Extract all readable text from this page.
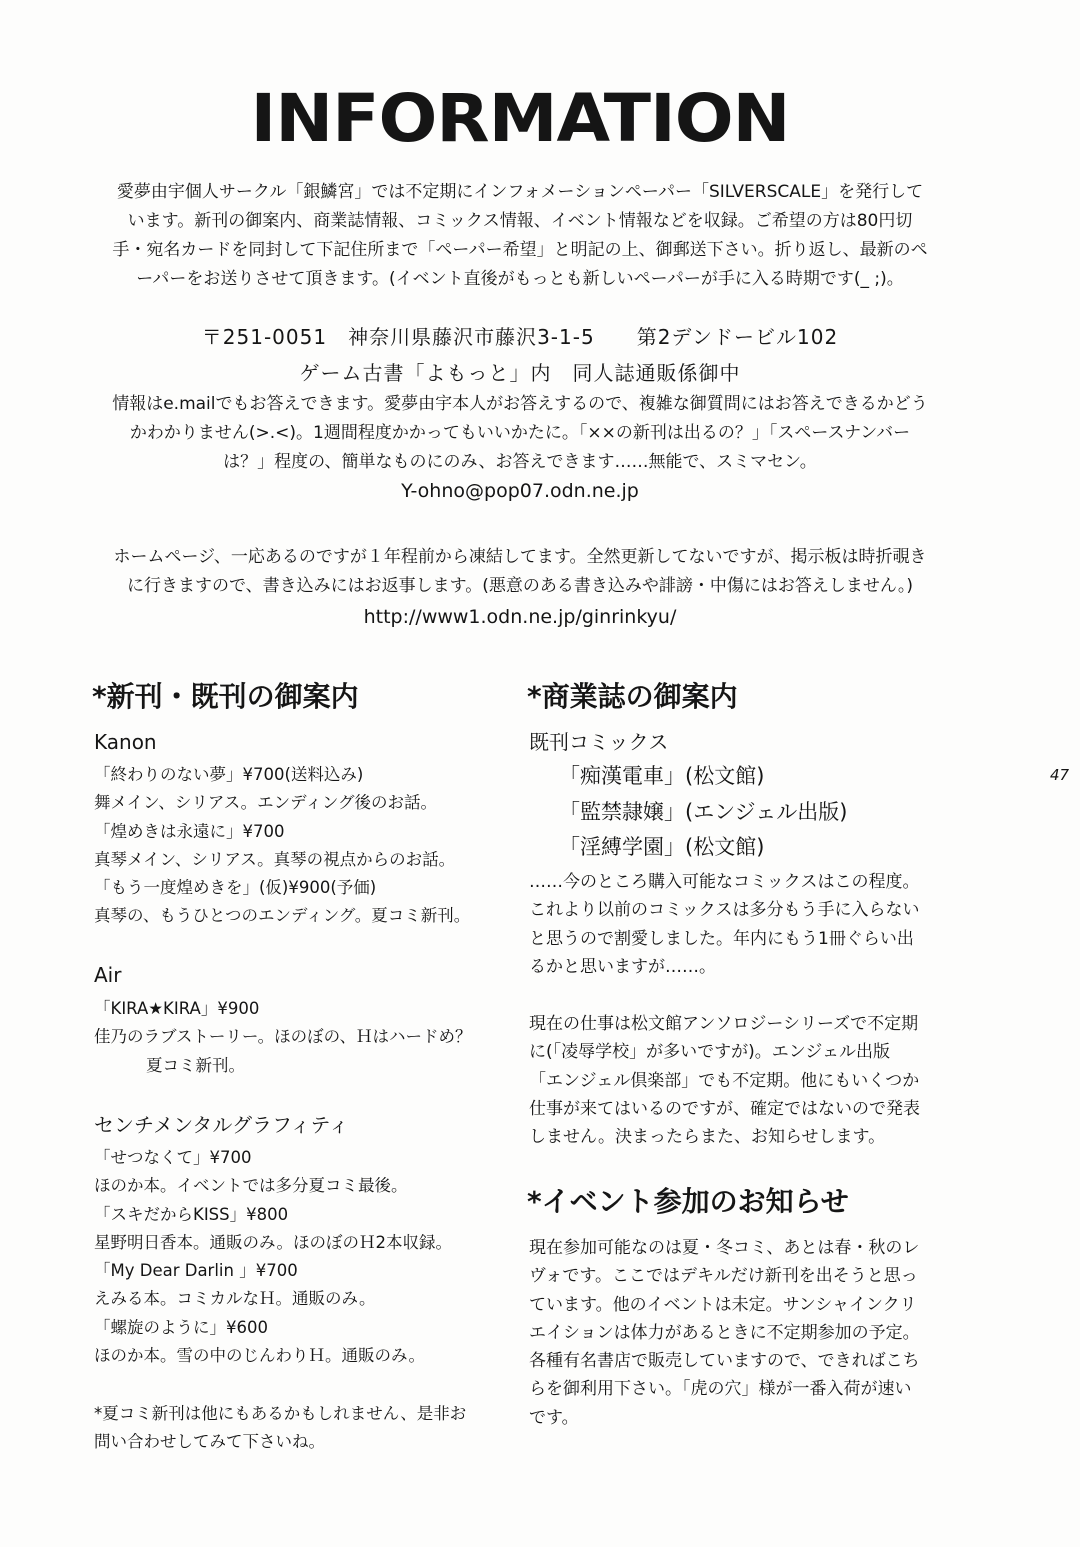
INFORMATION
愛夢由宇個人サークル「銀鱗宮」では不定期にインフォメーションペーパー「SILVERSCALE」を発行して
います。新刊の御案内、商業誌情報、コミックス情報、イベント情報などを収録。ご希望の方は80円切
手・宛名カードを同封して下記住所まで「ペーパー希望」と明記の上、御郵送下さい。折り返し、最新のペ
ーパーをお送りさせて頂きます。(イベント直後がもっとも新しいペーパーが手に入る時期です(_ ;)。
〒251-0051　神奈川県藤沢市藤沢3-1-5　　第2デンドービル102
ゲーム古書「よもっと」内　同人誌通販係御中
情報はe.mailでもお答えできます。愛夢由宇本人がお答えするので、複雑な御質問にはお答えできるかどう
かわかりません(>.<)。1週間程度かかってもいいかたに。「××の新刊は出るの？」「スペースナンバー
は？」程度の、簡単なものにのみ、お答えできます……無能で、スミマセン。
Y-ohno@pop07.odn.ne.jp
ホームページ、一応あるのですが１年程前から凍結してます。全然更新してないですが、掲示板は時折覗き
に行きますので、書き込みにはお返事します。(悪意のある書き込みや誹謗・中傷にはお答えしません。)
http://www1.odn.ne.jp/ginrinkyu/
47
*新刊・既刊の御案内
Kanon
「終わりのない夢」¥700(送料込み)
舞メイン、シリアス。エンディング後のお話。
「煌めきは永遠に」¥700
真琴メイン、シリアス。真琴の視点からのお話。
「もう一度煌めきを」(仮)¥900(予価)
真琴の、もうひとつのエンディング。夏コミ新刊。
Air
「KIRA★KIRA」¥900
佳乃のラブストーリー。ほのぼの、Ｈはハードめ？
夏コミ新刊。
センチメンタルグラフィティ
「せつなくて」¥700
ほのか本。イベントでは多分夏コミ最後。
「スキだからKISS」¥800
星野明日香本。通販のみ。ほのぼのＨ2本収録。
「My Dear Darlin 」¥700
えみる本。コミカルなＨ。通販のみ。
「螺旋のように」¥600
ほのか本。雪の中のじんわりＨ。通販のみ。
*夏コミ新刊は他にもあるかもしれません、是非お
問い合わせしてみて下さいね。
*商業誌の御案内
既刊コミックス
「痴漢電車」(松文館)
「監禁隷嬢」(エンジェル出版)
「淫縛学園」(松文館)
……今のところ購入可能なコミックスはこの程度。
これより以前のコミックスは多分もう手に入らない
と思うので割愛しました。年内にもう1冊ぐらい出
るかと思いますが……。
現在の仕事は松文館アンソロジーシリーズで不定期
に(「凌辱学校」が多いですが)。エンジェル出版
「エンジェル倶楽部」でも不定期。他にもいくつか
仕事が来てはいるのですが、確定ではないので発表
しません。決まったらまた、お知らせします。
*イベント参加のお知らせ
現在参加可能なのは夏・冬コミ、あとは春・秋のレ
ヴォです。ここではデキルだけ新刊を出そうと思っ
ています。他のイベントは未定。サンシャインクリ
エイションは体力があるときに不定期参加の予定。
各種有名書店で販売していますので、できればこち
らを御利用下さい。「虎の穴」様が一番入荷が速い
です。
